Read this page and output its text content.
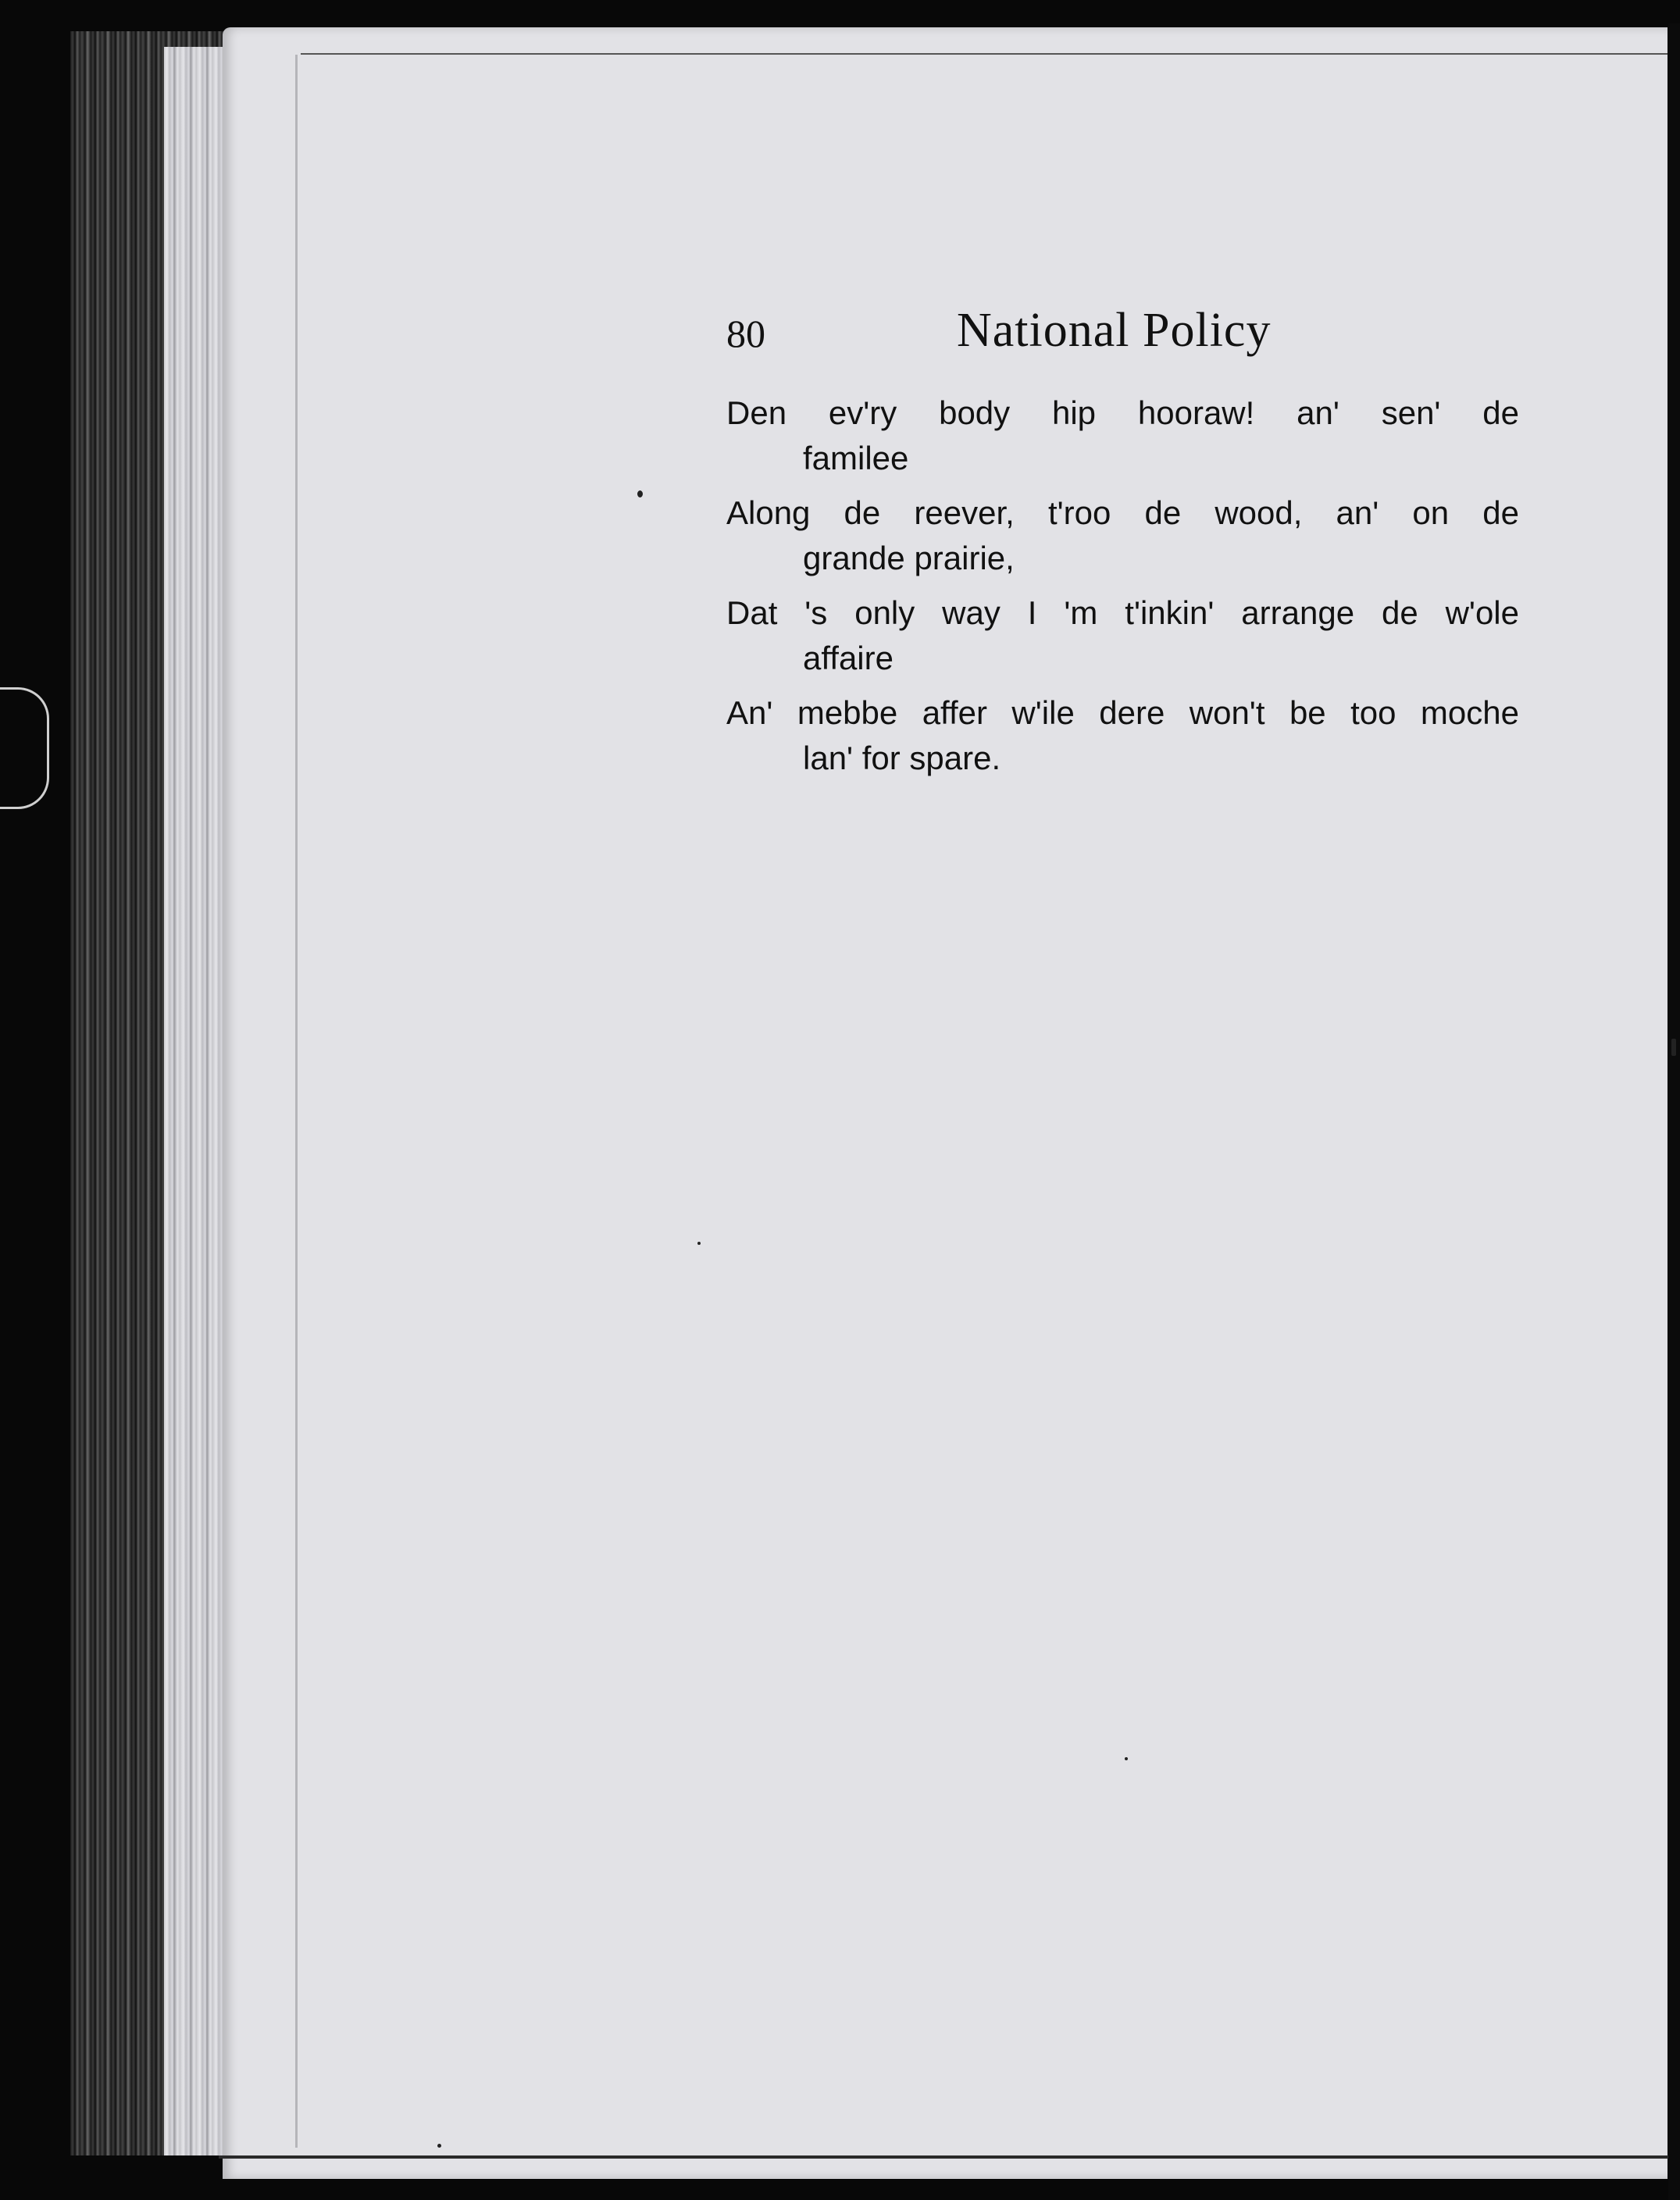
80	National Policy
Den ev'ry body hip hooraw! an' sen' de
familee
Along de reever, t'roo de wood, an' on de
grande prairie,
Dat 's only way I 'm t'inkin' arrange de w'ole
affaire
An' mebbe affer w'ile dere won't be too moche
lan' for spare.
